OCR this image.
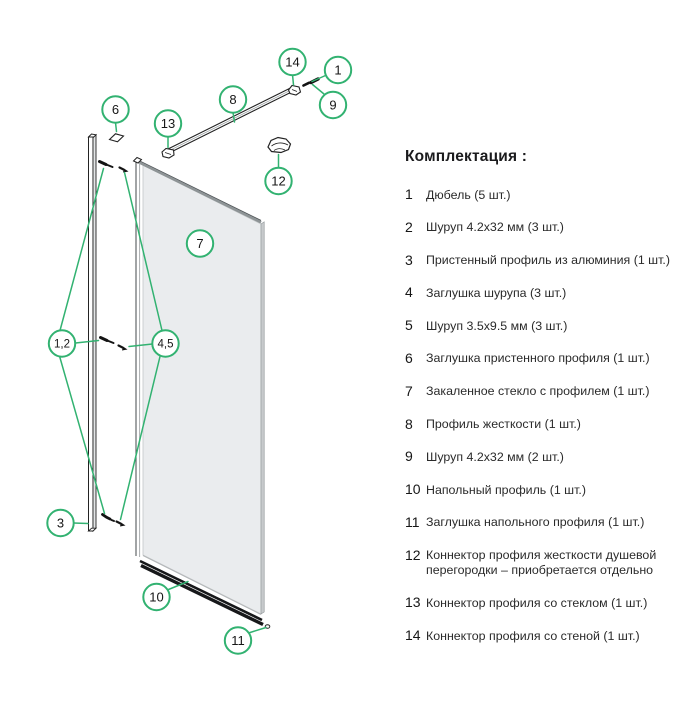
14
1
9
8
13
6
12
7
1,2	4,5
3
10
11
Комплектация :
1	Дюбель (5 шт.)
2	Шуруп 4.2x32 мм (3 шт.)
3	Пристенный профиль из алюминия (1 шт.)
4	Заглушка шурупа (3 шт.)
5	Шуруп 3.5x9.5 мм (3 шт.)
6	Заглушка пристенного профиля (1 шт.)
7	Закаленное стекло с профилем (1 шт.)
8	Профиль жесткости (1 шт.)
9	Шуруп 4.2x32 мм (2 шт.)
10 Напольный профиль (1 шт.)
11 Заглушка напольного профиля (1 шт.)
12 Коннектор профиля жесткости душевой перегородки – приобретается отдельно
13 Коннектор профиля со стеклом (1 шт.)
14 Коннектор профиля со стеной (1 шт.)
